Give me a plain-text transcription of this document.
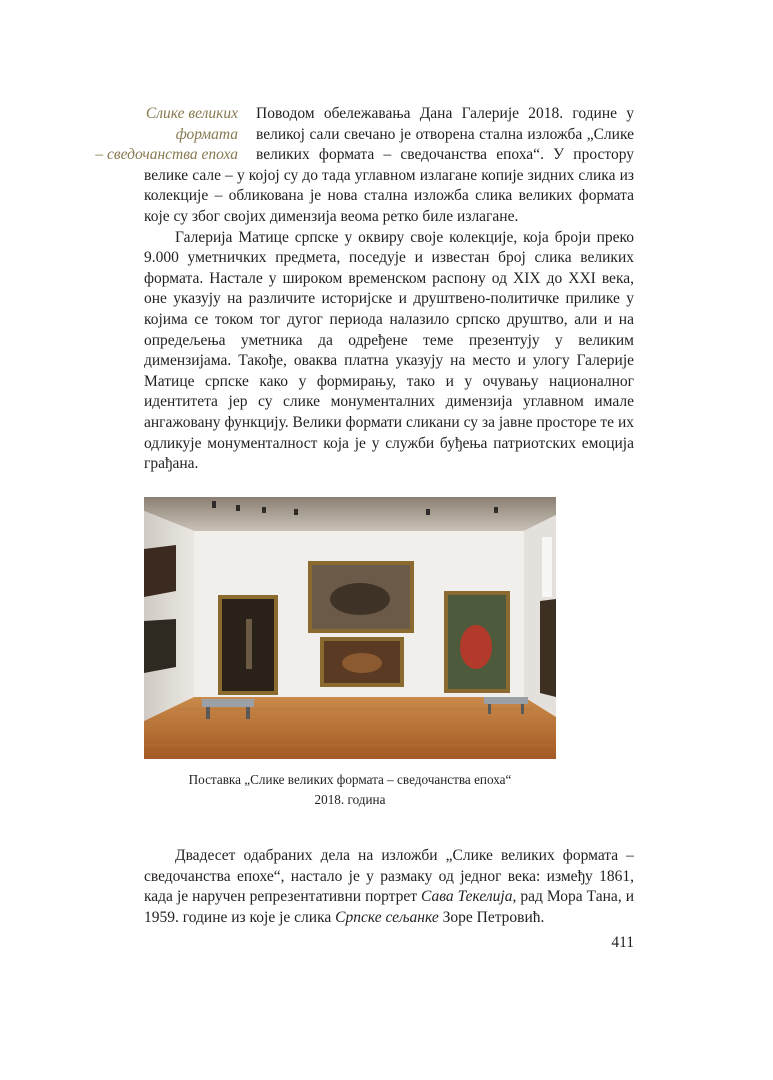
Слике великих формата
– сведочанства епоха

Поводом обележавања Дана Галерије 2018. године у великој сали свечано је отворена стална изложба „Слике великих формата – сведочанства епоха“. У простору велике сале – у којој су до тада углавном излагане копије зидних слика из колекције – обликована је нова стална изложба слика великих формата које су због својих димензија веома ретко биле излагане.

Галерија Матице српске у оквиру своје колекције, која броји преко 9.000 уметничких предмета, поседује и известан број слика великих формата. Настале у широком временском распону од XIX до XXI века, оне указују на различите историјске и друштвено-политичке прилике у којима се током тог дугог периода налазило српско друштво, али и на опредељења уметника да одређене теме презентују у великим димензијама. Такође, оваква платна указују на место и улогу Галерије Матице српске како у формирању, тако и у очувању националног идентитета јер су слике монументалних димензија углавном имале ангажовану функцију. Велики формати сликани су за јавне просторе те их одликује монументалност која је у служби буђења патриотских емоција грађана.

Поставка „Слике великих формата – сведочанства епоха“
2018. година

Двадесет одабраних дела на изложби „Слике великих формата – сведочанства епохе“, настало је у размаку од једног века: између 1861, када је наручен репрезентативни портрет Сава Текелија, рад Мора Тана, и 1959. године из које је слика Српске сељанке Зоре Петровић.

411
